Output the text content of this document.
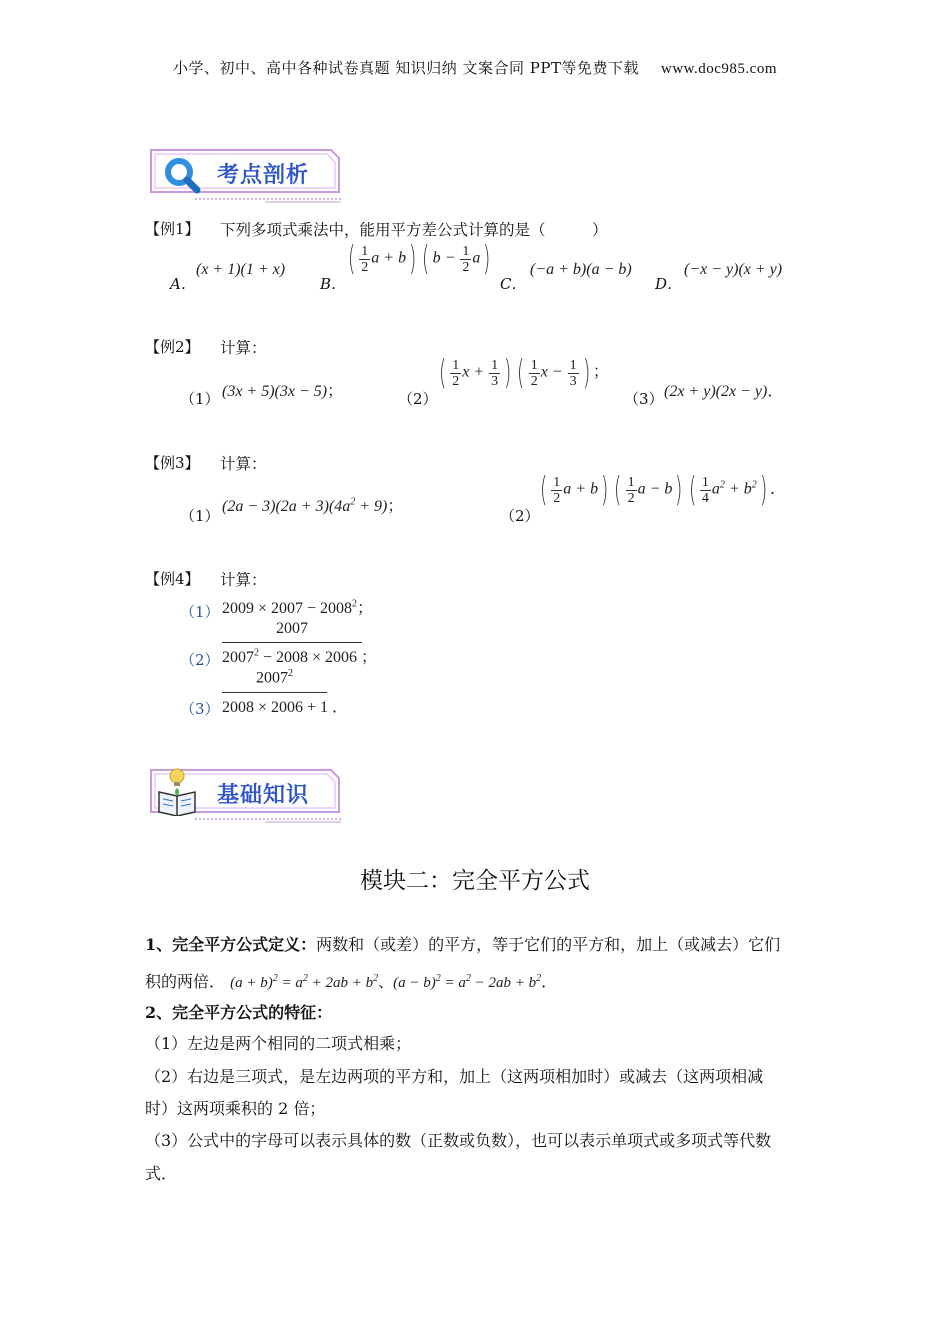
小学、初中、高中各种试卷真题 知识归纳 文案合同 PPT等免费下载 www.doc985.com
考点剖析
【例1】 下列多项式乘法中，能用平方差公式计算的是（　　　）
A．
(x + 1)(1 + x)
B．
( $\frac{1}{2}$ a + b) ( $b - \frac{1}{2} a$)
C．
(−a + b)(a − b)
D．
(−x − y)(x + y)
【例2】 计算：
（1） (3x + 5)(3x − 5)；	（2）
( $\frac{1}{2}$ $x + \frac{1}{3}$ ) ( $\frac{1}{2}$ $x - \frac{1}{3}$ ) ；
（3） (2x + y)(2x − y)．
【例3】 计算：
（1）
$(2a - 3)(2a + 3)(4a^2 + 9)$；
（2）
( $\frac{1}{2}$ a + b) ( $\frac{1}{2}$ a − b) ( $\frac{1}{4} a^2 + b^2$) ．
【例4】 计算：
（1） $2009 \times 2007 - 2008^2$；
（2）
2007
$2007^2 - 2008 \times 2006$ ；
（3）
2007$^2$
2008 × 2006 + 1 ．
基础知识
模块二：完全平方公式
1、完全平方公式定义：两数和（或差）的平方，等于它们的平方和，加上（或减去）它们
积的两倍． $(a + b)^2 = a^2 + 2ab + b^2$、$(a - b)^2 = a^2 - 2ab + b^2$．
2、完全平方公式的特征：
（1）左边是两个相同的二项式相乘；
（2）右边是三项式，是左边两项的平方和，加上（这两项相加时）或减去（这两项相减
时）这两项乘积的 2 倍；
（3）公式中的字母可以表示具体的数（正数或负数），也可以表示单项式或多项式等代数
式．
